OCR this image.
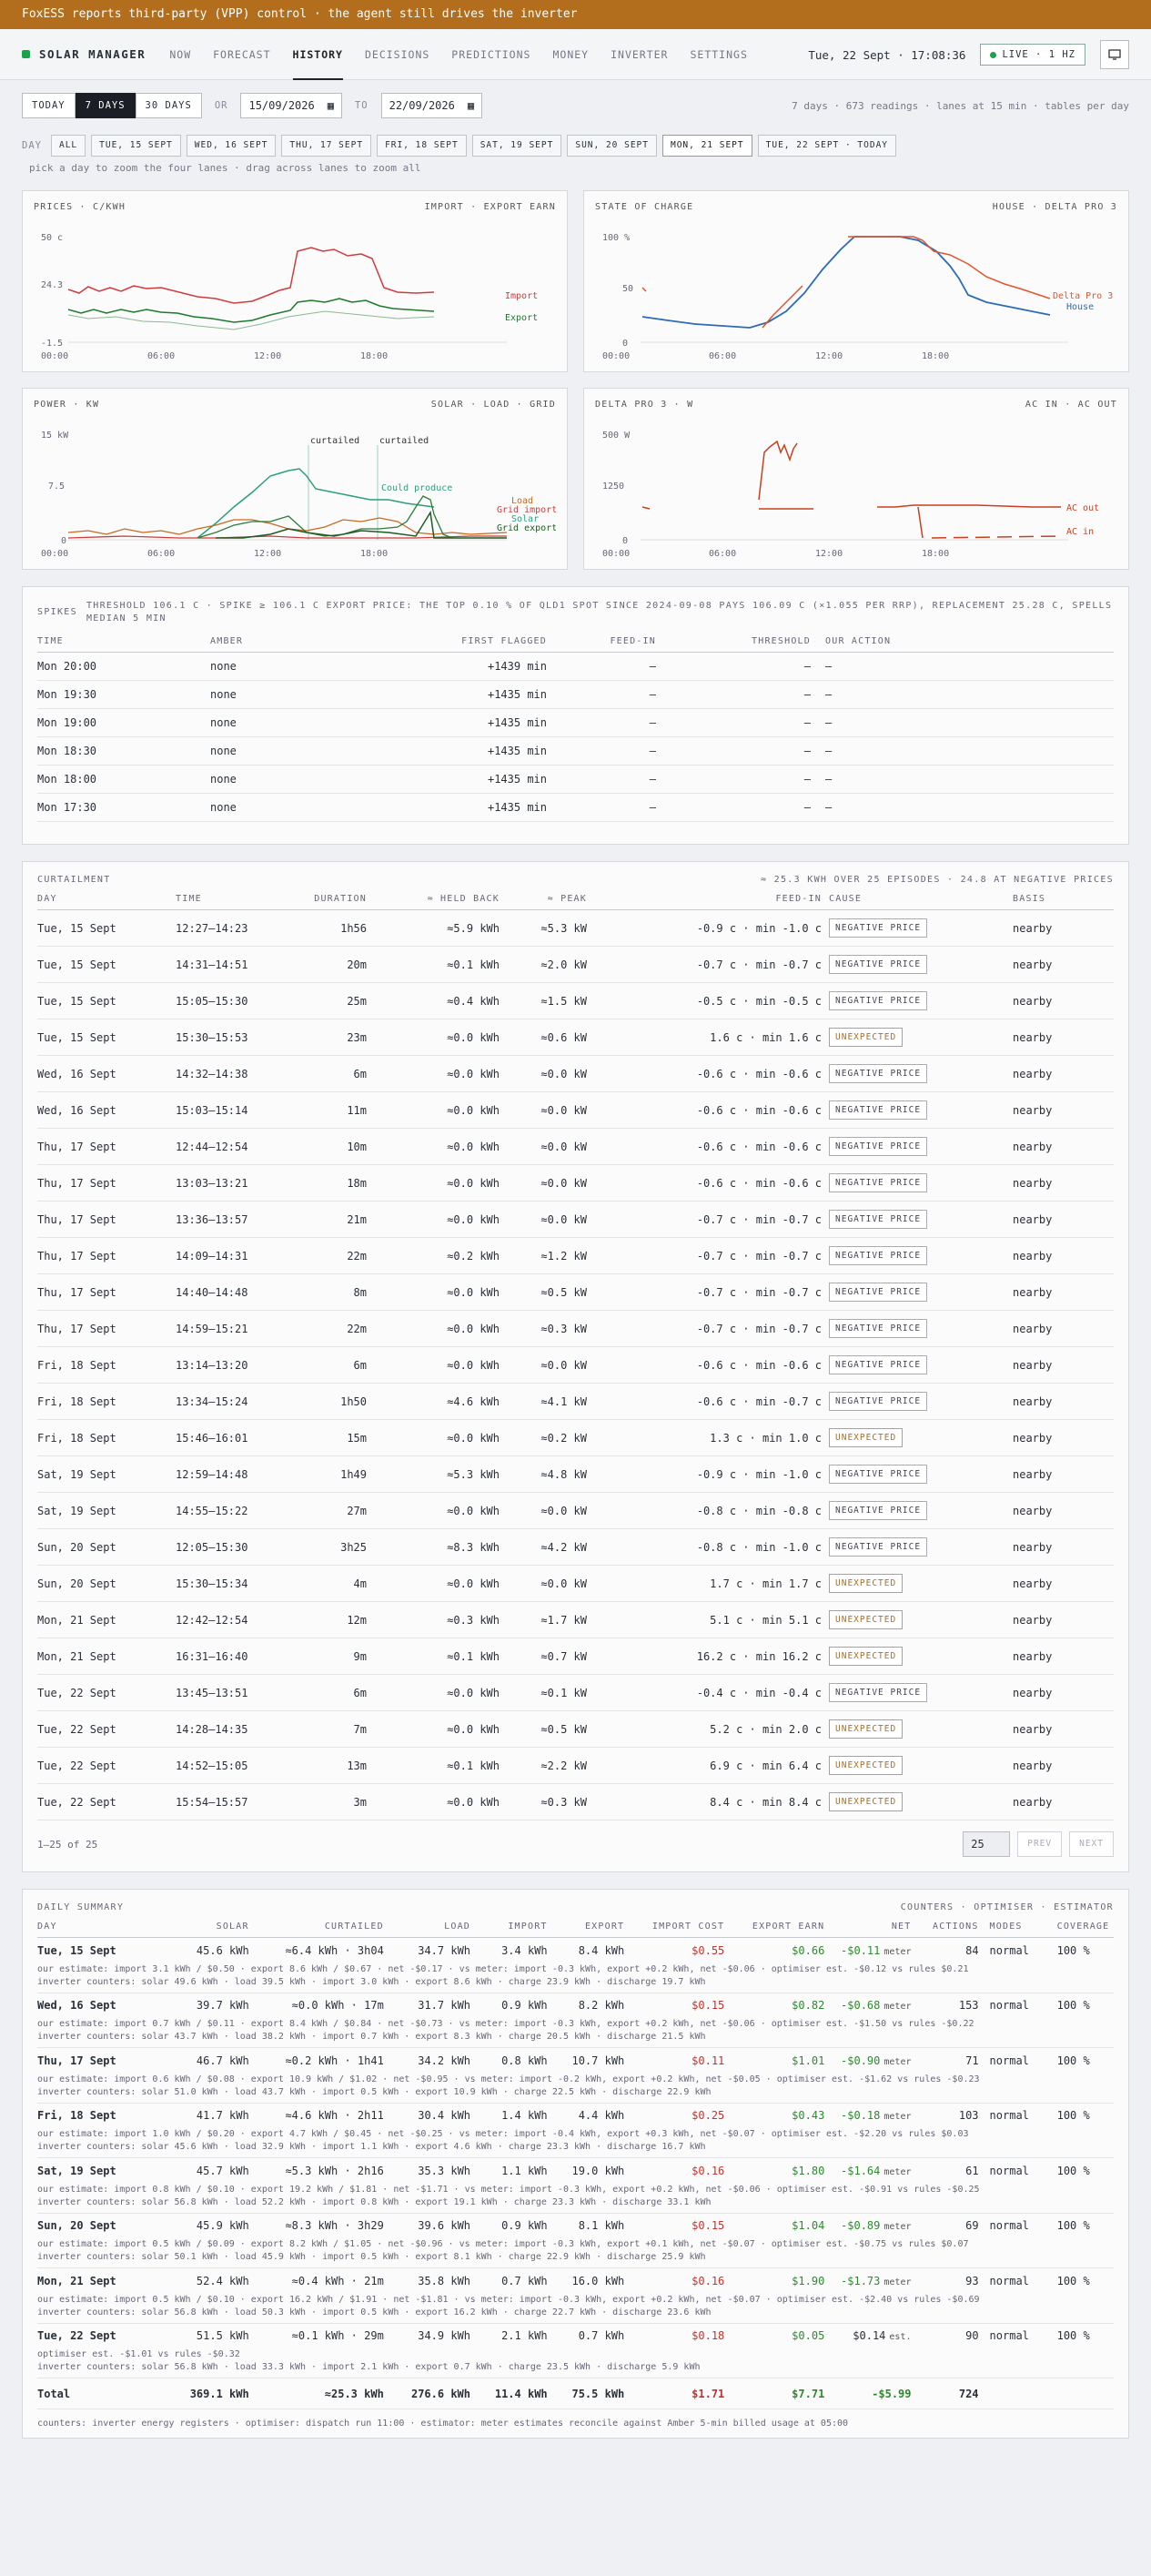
FoxESS reports third-party (VPP) control · the agent still drives the inverter
SOLAR MANAGER NOW FORECAST HISTORY DECISIONS PREDICTIONS MONEY INVERTER SETTINGS	Tue, 22 Sept · 17:08:36	LIVE · 1 HZ
TODAY	7 DAYS	30 DAYS	OR 15/09/2026 ▦ TO 22/09/2026 ▦	7 days · 673 readings · lanes at 15 min · tables per day
DAY	ALL	TUE, 15 SEPT	WED, 16 SEPT	THU, 17 SEPT	FRI, 18 SEPT	SAT, 19 SEPT	SUN, 20 SEPT	MON, 21 SEPT	TUE, 22 SEPT · TODAY
pick a day to zoom the four lanes · drag across lanes to zoom all
PRICES · C/KWH	IMPORT · EXPORT EARN
50 c
24.3
-1.5
00:00	06:00	12:00	18:00
Import
Export
STATE OF CHARGE	HOUSE · DELTA PRO 3
100 %
50
0
00:00	06:00	12:00	18:00
Delta Pro 3
House
POWER · KW	SOLAR · LOAD · GRID
15 kW
7.5
0
00:00	06:00	12:00	18:00
curtailed curtailed
Could produce
Load
Grid import
Solar
Grid export
DELTA PRO 3 · W	AC IN · AC OUT
500 W
1250
0
00:00	06:00	12:00	18:00
AC out
AC in
SPIKES
THRESHOLD 106.1 C · SPIKE ≥ 106.1 C EXPORT PRICE: THE TOP 0.10 % OF QLD1 SPOT SINCE 2024-09-08 PAYS 106.09 C (×1.055 PER RRP), REPLACEMENT 25.28 C, SPELLS MEDIAN 5 MIN
TIME	AMBER	FIRST FLAGGED	FEED-IN	THRESHOLD	OUR ACTION
Mon 20:00	none	+1439 min	–	–	–
Mon 19:30	none	+1435 min	–	–	–
Mon 19:00	none	+1435 min	–	–	–
Mon 18:30	none	+1435 min	–	–	–
Mon 18:00	none	+1435 min	–	–	–
Mon 17:30	none	+1435 min	–	–	–
CURTAILMENT	≈ 25.3 KWH OVER 25 EPISODES · 24.8 AT NEGATIVE PRICES
DAY	TIME	DURATION	≈ HELD BACK	≈ PEAK	FEED-IN	CAUSE	BASIS
Tue, 15 Sept	12:27–14:23	1h56	≈5.9 kWh	≈5.3 kW	-0.9 c · min -1.0 c	NEGATIVE PRICE	nearby
Tue, 15 Sept	14:31–14:51	20m	≈0.1 kWh	≈2.0 kW	-0.7 c · min -0.7 c	NEGATIVE PRICE	nearby
Tue, 15 Sept	15:05–15:30	25m	≈0.4 kWh	≈1.5 kW	-0.5 c · min -0.5 c	NEGATIVE PRICE	nearby
Tue, 15 Sept	15:30–15:53	23m	≈0.0 kWh	≈0.6 kW	1.6 c · min 1.6 c	UNEXPECTED	nearby
Wed, 16 Sept	14:32–14:38	6m	≈0.0 kWh	≈0.0 kW	-0.6 c · min -0.6 c	NEGATIVE PRICE	nearby
Wed, 16 Sept	15:03–15:14	11m	≈0.0 kWh	≈0.0 kW	-0.6 c · min -0.6 c	NEGATIVE PRICE	nearby
Thu, 17 Sept	12:44–12:54	10m	≈0.0 kWh	≈0.0 kW	-0.6 c · min -0.6 c	NEGATIVE PRICE	nearby
Thu, 17 Sept	13:03–13:21	18m	≈0.0 kWh	≈0.0 kW	-0.6 c · min -0.6 c	NEGATIVE PRICE	nearby
Thu, 17 Sept	13:36–13:57	21m	≈0.0 kWh	≈0.0 kW	-0.7 c · min -0.7 c	NEGATIVE PRICE	nearby
Thu, 17 Sept	14:09–14:31	22m	≈0.2 kWh	≈1.2 kW	-0.7 c · min -0.7 c	NEGATIVE PRICE	nearby
Thu, 17 Sept	14:40–14:48	8m	≈0.0 kWh	≈0.5 kW	-0.7 c · min -0.7 c	NEGATIVE PRICE	nearby
Thu, 17 Sept	14:59–15:21	22m	≈0.0 kWh	≈0.3 kW	-0.7 c · min -0.7 c	NEGATIVE PRICE	nearby
Fri, 18 Sept	13:14–13:20	6m	≈0.0 kWh	≈0.0 kW	-0.6 c · min -0.6 c	NEGATIVE PRICE	nearby
Fri, 18 Sept	13:34–15:24	1h50	≈4.6 kWh	≈4.1 kW	-0.6 c · min -0.7 c	NEGATIVE PRICE	nearby
Fri, 18 Sept	15:46–16:01	15m	≈0.0 kWh	≈0.2 kW	1.3 c · min 1.0 c	UNEXPECTED	nearby
Sat, 19 Sept	12:59–14:48	1h49	≈5.3 kWh	≈4.8 kW	-0.9 c · min -1.0 c	NEGATIVE PRICE	nearby
Sat, 19 Sept	14:55–15:22	27m	≈0.0 kWh	≈0.0 kW	-0.8 c · min -0.8 c	NEGATIVE PRICE	nearby
Sun, 20 Sept	12:05–15:30	3h25	≈8.3 kWh	≈4.2 kW	-0.8 c · min -1.0 c	NEGATIVE PRICE	nearby
Sun, 20 Sept	15:30–15:34	4m	≈0.0 kWh	≈0.0 kW	1.7 c · min 1.7 c	UNEXPECTED	nearby
Mon, 21 Sept	12:42–12:54	12m	≈0.3 kWh	≈1.7 kW	5.1 c · min 5.1 c	UNEXPECTED	nearby
Mon, 21 Sept	16:31–16:40	9m	≈0.1 kWh	≈0.7 kW	16.2 c · min 16.2 c	UNEXPECTED	nearby
Tue, 22 Sept	13:45–13:51	6m	≈0.0 kWh	≈0.1 kW	-0.4 c · min -0.4 c	NEGATIVE PRICE	nearby
Tue, 22 Sept	14:28–14:35	7m	≈0.0 kWh	≈0.5 kW	5.2 c · min 2.0 c	UNEXPECTED	nearby
Tue, 22 Sept	14:52–15:05	13m	≈0.1 kWh	≈2.2 kW	6.9 c · min 6.4 c	UNEXPECTED	nearby
Tue, 22 Sept	15:54–15:57	3m	≈0.0 kWh	≈0.3 kW	8.4 c · min 8.4 c	UNEXPECTED	nearby
1–25 of 25	25	PREV	NEXT
DAILY SUMMARY	COUNTERS · OPTIMISER · ESTIMATOR
DAY	SOLAR	CURTAILED	LOAD	IMPORT	EXPORT	IMPORT COST	EXPORT EARN	NET	ACTIONS	MODES	COVERAGE
Tue, 15 Sept	45.6 kWh	≈6.4 kWh · 3h04	34.7 kWh	3.4 kWh	8.4 kWh	$0.55	$0.66	-$0.11 meter	84	normal	100 %

our estimate: import 3.1 kWh / $0.50 · export 8.6 kWh / $0.67 · net -$0.17 · vs meter: import -0.3 kWh, export +0.2 kWh, net -$0.06 · optimiser est. -$0.12 vs rules $0.21
inverter counters: solar 49.6 kWh · load 39.5 kWh · import 3.0 kWh · export 8.6 kWh · charge 23.9 kWh · discharge 19.7 kWh											

Wed, 16 Sept	39.7 kWh	≈0.0 kWh · 17m	31.7 kWh	0.9 kWh	8.2 kWh	$0.15	$0.82	-$0.68 meter	153	normal	100 %

our estimate: import 0.7 kWh / $0.11 · export 8.4 kWh / $0.84 · net -$0.73 · vs meter: import -0.3 kWh, export +0.2 kWh, net -$0.06 · optimiser est. -$1.50 vs rules -$0.22
inverter counters: solar 43.7 kWh · load 38.2 kWh · import 0.7 kWh · export 8.3 kWh · charge 20.5 kWh · discharge 21.5 kWh											

Thu, 17 Sept	46.7 kWh	≈0.2 kWh · 1h41	34.2 kWh	0.8 kWh	10.7 kWh	$0.11	$1.01	-$0.90 meter	71	normal	100 %

our estimate: import 0.6 kWh / $0.08 · export 10.9 kWh / $1.02 · net -$0.95 · vs meter: import -0.2 kWh, export +0.2 kWh, net -$0.05 · optimiser est. -$1.62 vs rules -$0.23
inverter counters: solar 51.0 kWh · load 43.7 kWh · import 0.5 kWh · export 10.9 kWh · charge 22.5 kWh · discharge 22.9 kWh											

Fri, 18 Sept	41.7 kWh	≈4.6 kWh · 2h11	30.4 kWh	1.4 kWh	4.4 kWh	$0.25	$0.43	-$0.18 meter	103	normal	100 %

our estimate: import 1.0 kWh / $0.20 · export 4.7 kWh / $0.45 · net -$0.25 · vs meter: import -0.4 kWh, export +0.3 kWh, net -$0.07 · optimiser est. -$2.20 vs rules $0.03
inverter counters: solar 45.6 kWh · load 32.9 kWh · import 1.1 kWh · export 4.6 kWh · charge 23.3 kWh · discharge 16.7 kWh											

Sat, 19 Sept	45.7 kWh	≈5.3 kWh · 2h16	35.3 kWh	1.1 kWh	19.0 kWh	$0.16	$1.80	-$1.64 meter	61	normal	100 %

our estimate: import 0.8 kWh / $0.10 · export 19.2 kWh / $1.81 · net -$1.71 · vs meter: import -0.3 kWh, export +0.2 kWh, net -$0.06 · optimiser est. -$0.91 vs rules -$0.25
inverter counters: solar 56.8 kWh · load 52.2 kWh · import 0.8 kWh · export 19.1 kWh · charge 23.3 kWh · discharge 33.1 kWh											

Sun, 20 Sept	45.9 kWh	≈8.3 kWh · 3h29	39.6 kWh	0.9 kWh	8.1 kWh	$0.15	$1.04	-$0.89 meter	69	normal	100 %

our estimate: import 0.5 kWh / $0.09 · export 8.2 kWh / $1.05 · net -$0.96 · vs meter: import -0.3 kWh, export +0.1 kWh, net -$0.07 · optimiser est. -$0.75 vs rules $0.07
inverter counters: solar 50.1 kWh · load 45.9 kWh · import 0.5 kWh · export 8.1 kWh · charge 22.9 kWh · discharge 25.9 kWh											

Mon, 21 Sept	52.4 kWh	≈0.4 kWh · 21m	35.8 kWh	0.7 kWh	16.0 kWh	$0.16	$1.90	-$1.73 meter	93	normal	100 %

our estimate: import 0.5 kWh / $0.10 · export 16.2 kWh / $1.91 · net -$1.81 · vs meter: import -0.3 kWh, export +0.2 kWh, net -$0.07 · optimiser est. -$2.40 vs rules -$0.69
inverter counters: solar 56.8 kWh · load 50.3 kWh · import 0.5 kWh · export 16.2 kWh · charge 22.7 kWh · discharge 23.6 kWh											

Tue, 22 Sept	51.5 kWh	≈0.1 kWh · 29m	34.9 kWh	2.1 kWh	0.7 kWh	$0.18	$0.05	$0.14 est.	90	normal	100 %

optimiser est. -$1.01 vs rules -$0.32
inverter counters: solar 56.8 kWh · load 33.3 kWh · import 2.1 kWh · export 0.7 kWh · charge 23.5 kWh · discharge 5.9 kWh											

Total	369.1 kWh	≈25.3 kWh	276.6 kWh	11.4 kWh	75.5 kWh	$1.71	$7.71	-$5.99	724		
counters: inverter energy registers · optimiser: dispatch run 11:00 · estimator: meter estimates reconcile against Amber 5-min billed usage at 05:00
